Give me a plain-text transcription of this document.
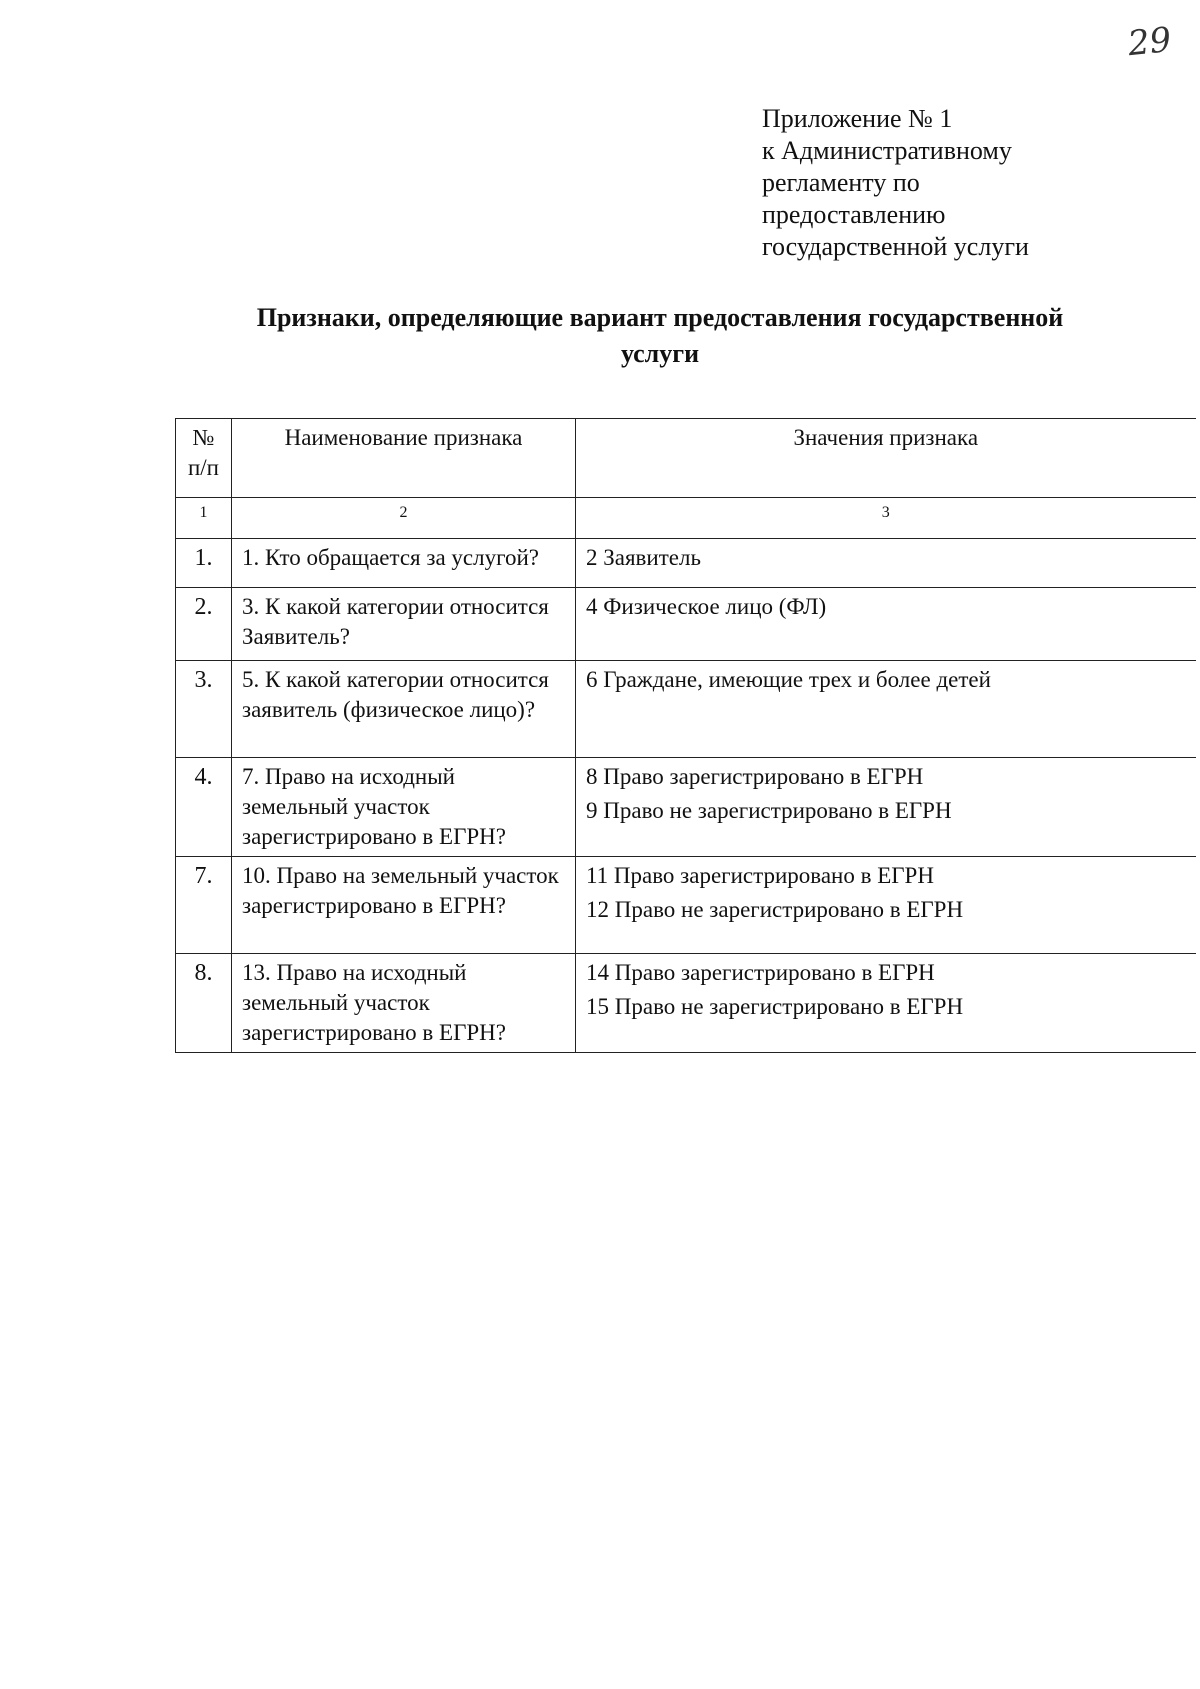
29
Приложение № 1
к Административному
регламенту по
предоставлению
государственной услуги
Признаки, определяющие вариант предоставления государственной
услуги
№
п/п	Наименование признака	Значения признака
1	2	3
1.	1. Кто обращается за услугой?	2 Заявитель

2.	3. К какой категории относится Заявитель?	4 Физическое лицо (ФЛ)

3.	5. К какой категории относится заявитель (физическое лицо)?	6 Граждане, имеющие трех и более детей

4.	7. Право на исходный земельный участок зарегистрировано в ЕГРН?	8 Право зарегистрировано в ЕГРН
9 Право не зарегистрировано в ЕГРН

7.	10. Право на земельный участок зарегистрировано в ЕГРН?	11 Право зарегистрировано в ЕГРН
12 Право не зарегистрировано в ЕГРН

8.	13. Право на исходный земельный участок зарегистрировано в ЕГРН?	14 Право зарегистрировано в ЕГРН
15 Право не зарегистрировано в ЕГРН
